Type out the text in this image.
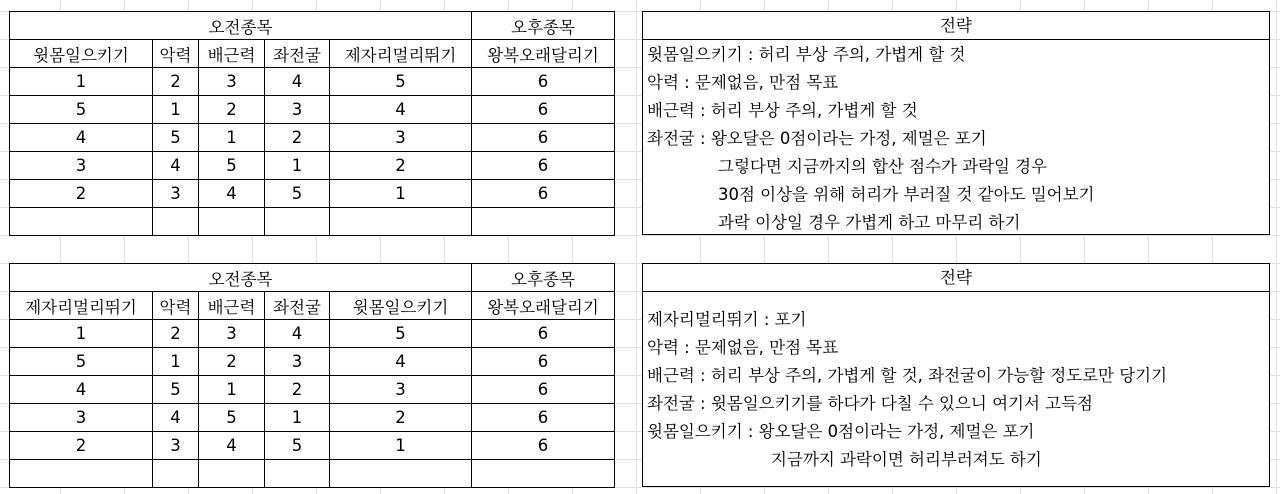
오전종목					오후종목
윗몸일으키기	악력	배근력	좌전굴	제자리멀리뛰기	왕복오래달리기
1	2	3	4	5	6
5	1	2	3	4	6
4	5	1	2	3	6
3	4	5	1	2	6
2	3	4	5	1	6

전략
윗몸일으키기 : 허리 부상 주의, 가볍게 할 것
악력 : 문제없음, 만점 목표
배근력 : 허리 부상 주의, 가볍게 할 것
좌전굴 : 왕오달은 0점이라는 가정, 제멀은 포기
그렇다면 지금까지의 합산 점수가 과락일 경우
30점 이상을 위해 허리가 부러질 것 같아도 밀어보기
과락 이상일 경우 가볍게 하고 마무리 하기
오전종목					오후종목
제자리멀리뛰기	악력	배근력	좌전굴	윗몸일으키기	왕복오래달리기
1	2	3	4	5	6
5	1	2	3	4	6
4	5	1	2	3	6
3	4	5	1	2	6
2	3	4	5	1	6

전략
제자리멀리뛰기 : 포기
악력 : 문제없음, 만점 목표
배근력 : 허리 부상 주의, 가볍게 할 것, 좌전굴이 가능할 정도로만 당기기
좌전굴 : 윗몸일으키기를 하다가 다칠 수 있으니 여기서 고득점
윗몸일으키기 : 왕오달은 0점이라는 가정, 제멀은 포기
지금까지 과락이면 허리부러져도 하기
